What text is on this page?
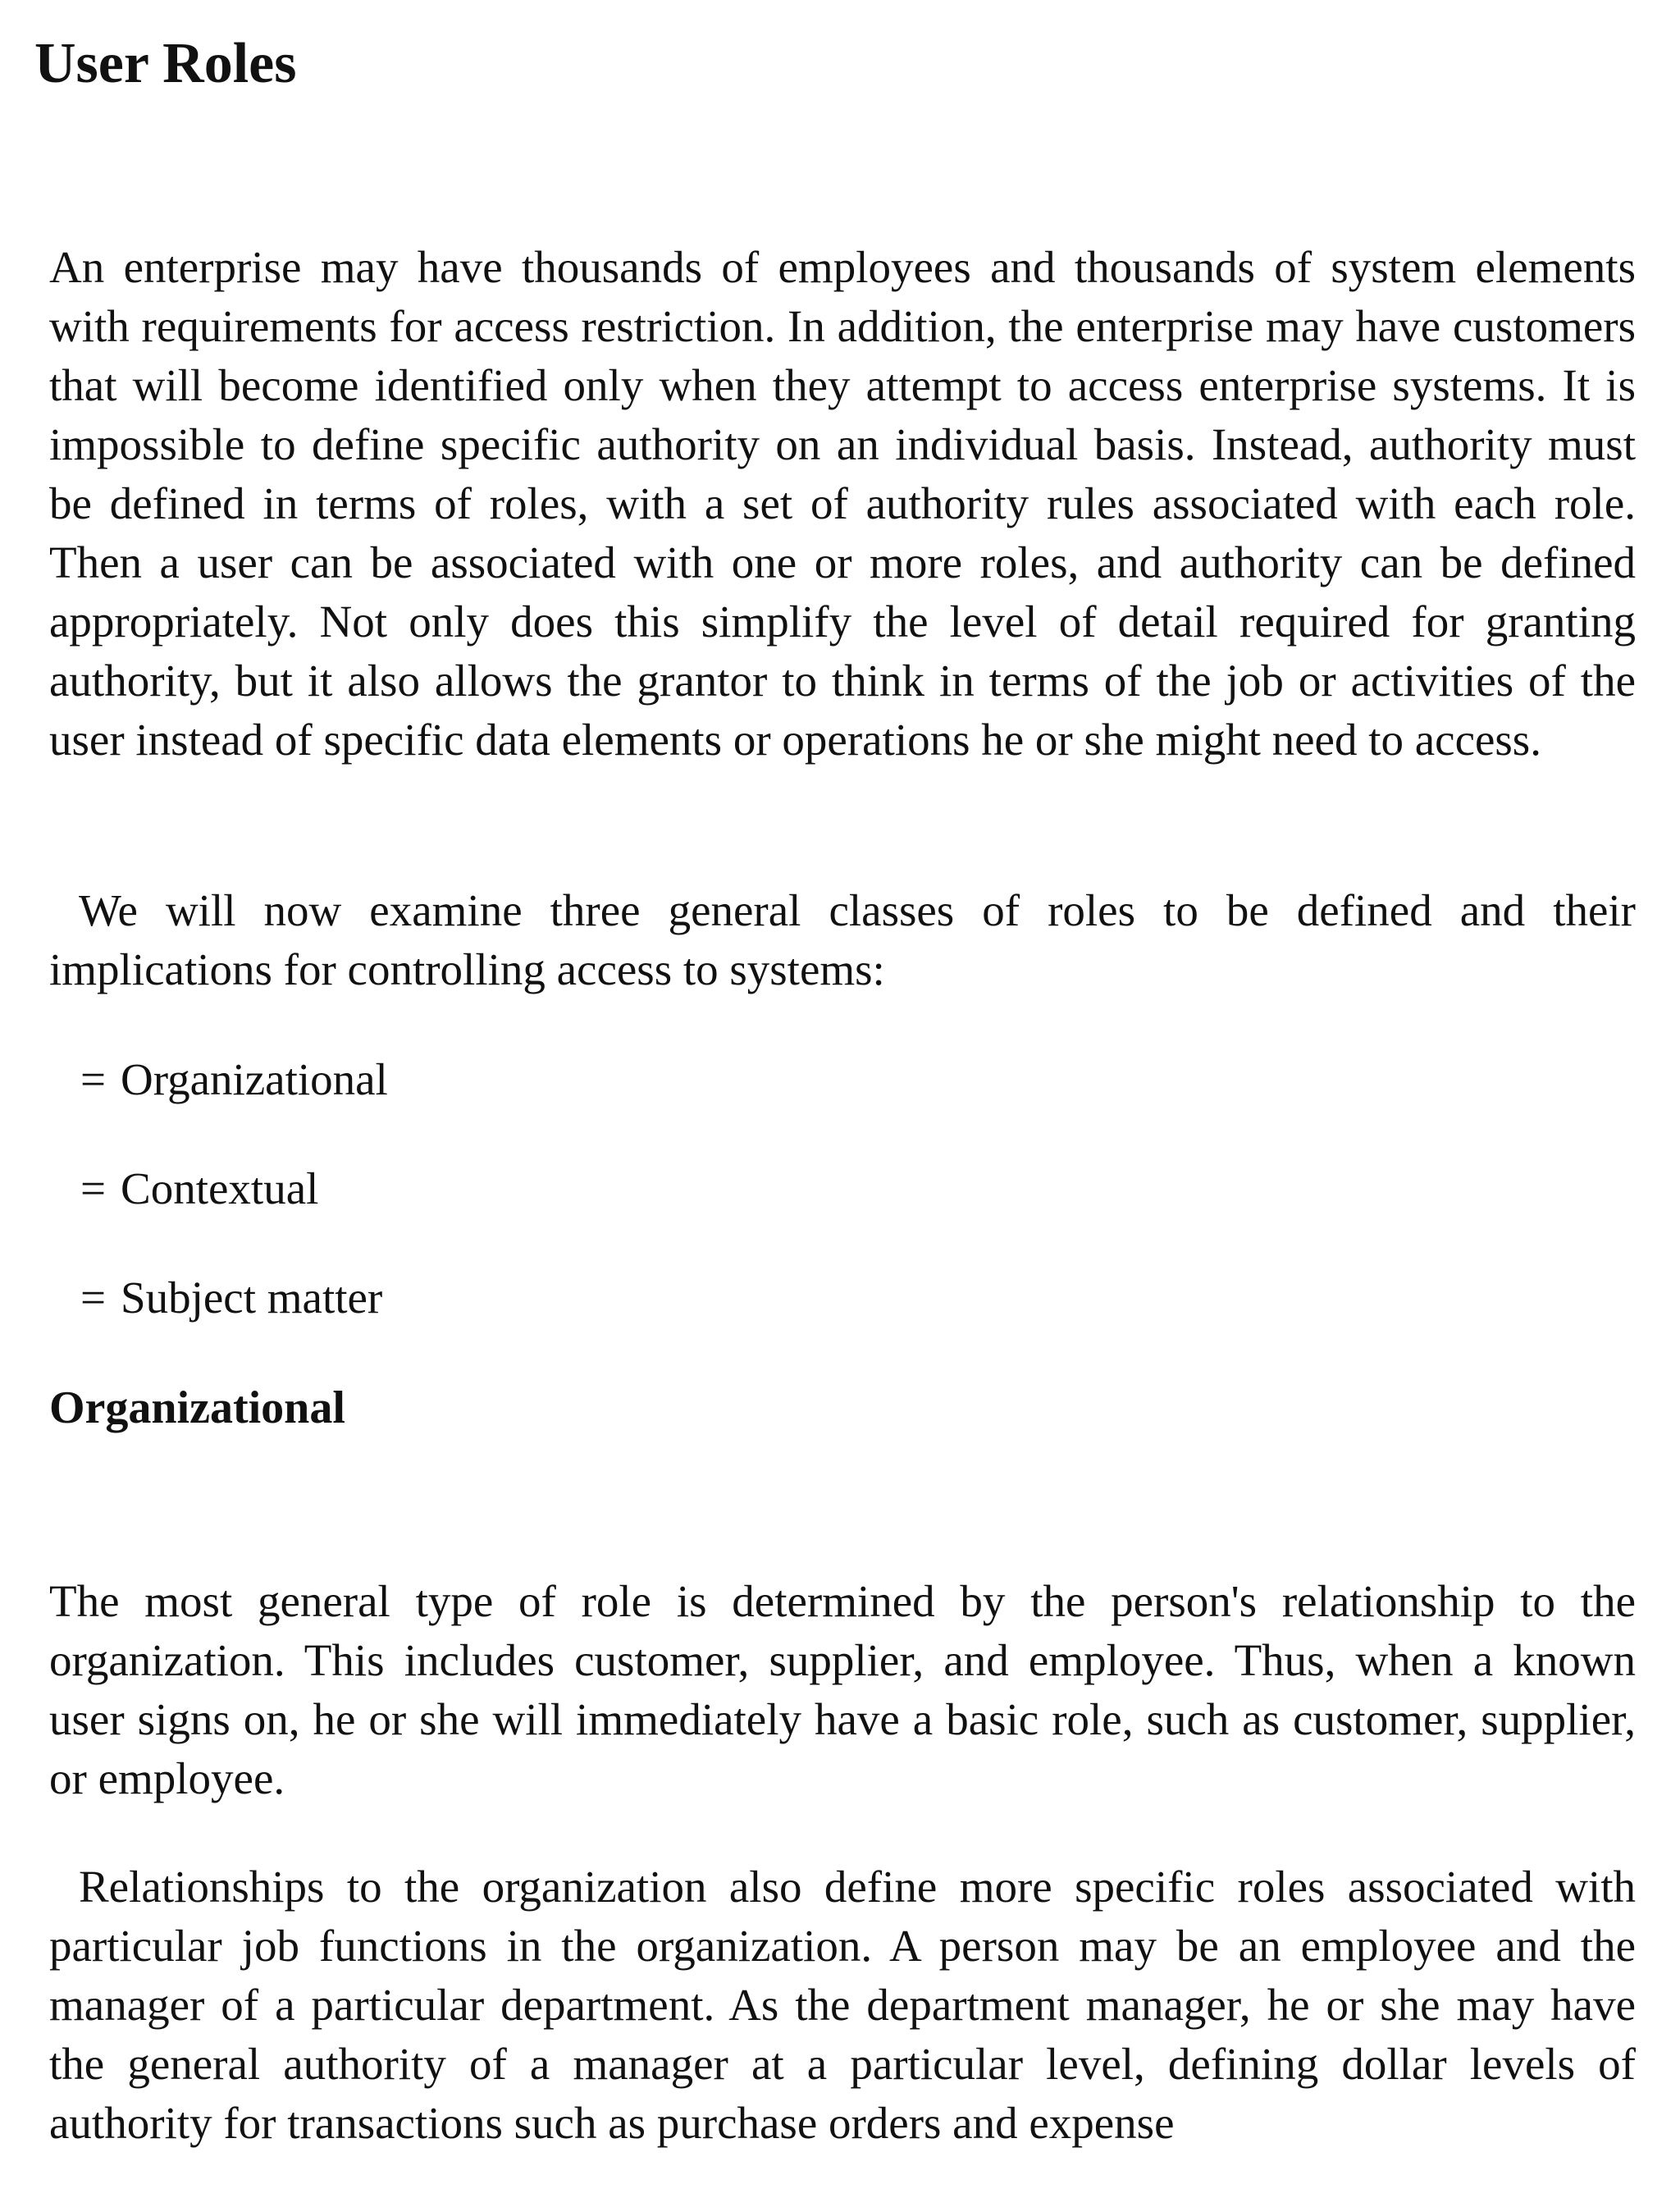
User Roles

An enterprise may have thousands of employees and thousands of system elements with requirements for access restriction. In addition, the enterprise may have customers that will become identified only when they attempt to access enterprise systems. It is impossible to define specific authority on an individual basis. Instead, authority must be defined in terms of roles, with a set of authority rules associated with each role. Then a user can be associated with one or more roles, and authority can be defined appropriately. Not only does this simplify the level of detail required for granting authority, but it also allows the grantor to think in terms of the job or activities of the user instead of specific data elements or operations he or she might need to access.

We will now examine three general classes of roles to be defined and their implications for controlling access to systems:

= Organizational
= Contextual
= Subject matter
Organizational

The most general type of role is determined by the person's relationship to the organization. This includes customer, supplier, and employee. Thus, when a known user signs on, he or she will immediately have a basic role, such as customer, supplier, or employee.

Relationships to the organization also define more specific roles associated with particular job functions in the organization. A person may be an employee and the manager of a particular department. As the department manager, he or she may have the general authority of a manager at a particular level, defining dollar levels of authority for transactions such as purchase orders and expense
